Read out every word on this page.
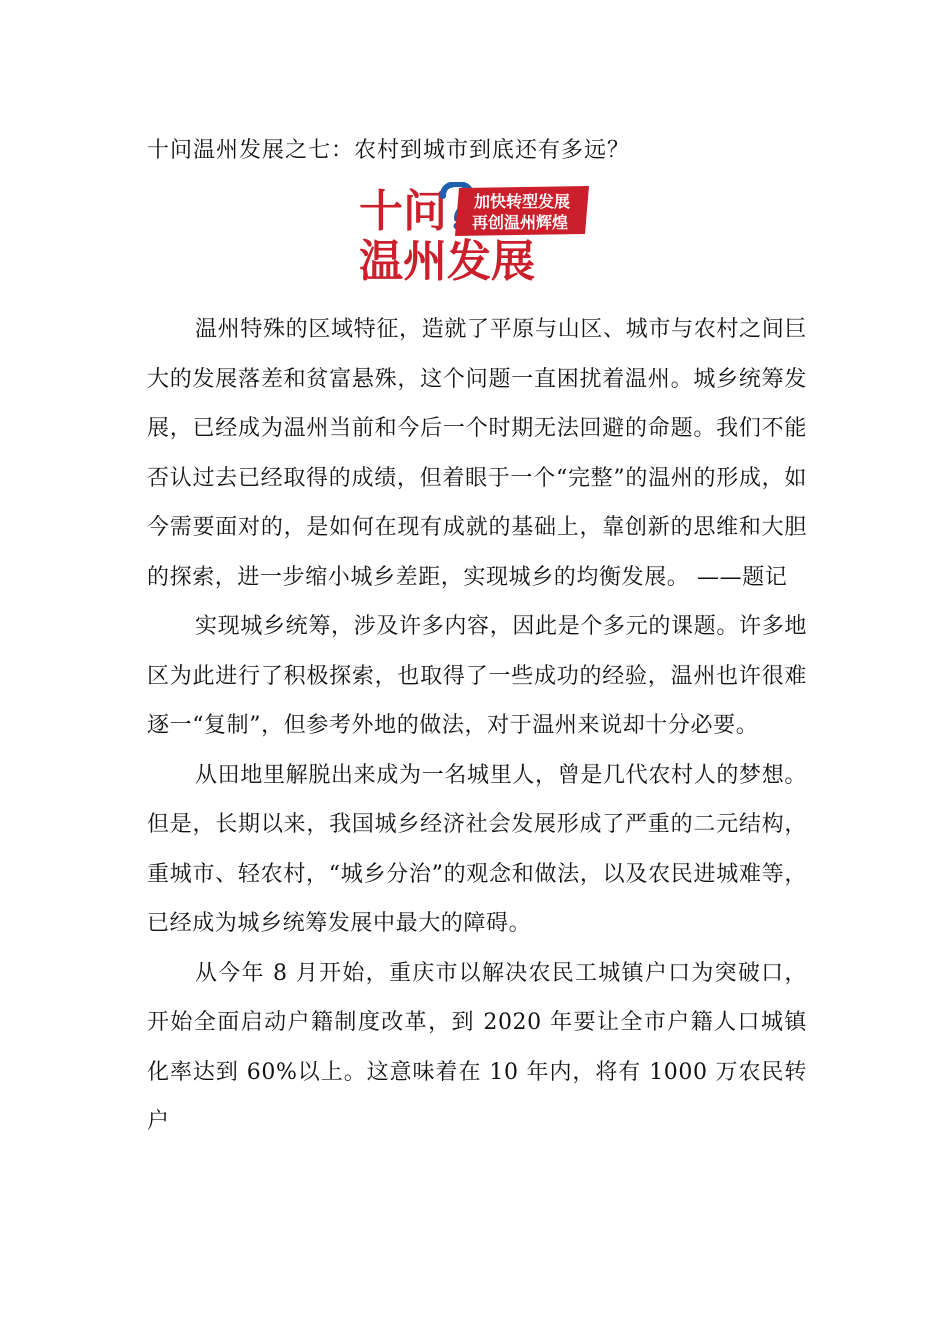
十问温州发展之七：农村到城市到底还有多远？
十问 加快转型发展
再创温州辉煌
温州发展

温州特殊的区域特征，造就了平原与山区、城市与农村之间巨大的发展落差和贫富悬殊，这个问题一直困扰着温州。城乡统筹发展，已经成为温州当前和今后一个时期无法回避的命题。我们不能否认过去已经取得的成绩，但着眼于一个“完整”的温州的形成，如今需要面对的，是如何在现有成就的基础上，靠创新的思维和大胆的探索，进一步缩小城乡差距，实现城乡的均衡发展。 ——题记

实现城乡统筹，涉及许多内容，因此是个多元的课题。许多地区为此进行了积极探索，也取得了一些成功的经验，温州也许很难逐一“复制”，但参考外地的做法，对于温州来说却十分必要。

从田地里解脱出来成为一名城里人，曾是几代农村人的梦想。但是，长期以来，我国城乡经济社会发展形成了严重的二元结构，重城市、轻农村，“城乡分治”的观念和做法，以及农民进城难等，已经成为城乡统筹发展中最大的障碍。

从今年 8 月开始，重庆市以解决农民工城镇户口为突破口，开始全面启动户籍制度改革，到 2020 年要让全市户籍人口城镇化率达到 60%以上。这意味着在 10 年内，将有 1000 万农民转户
